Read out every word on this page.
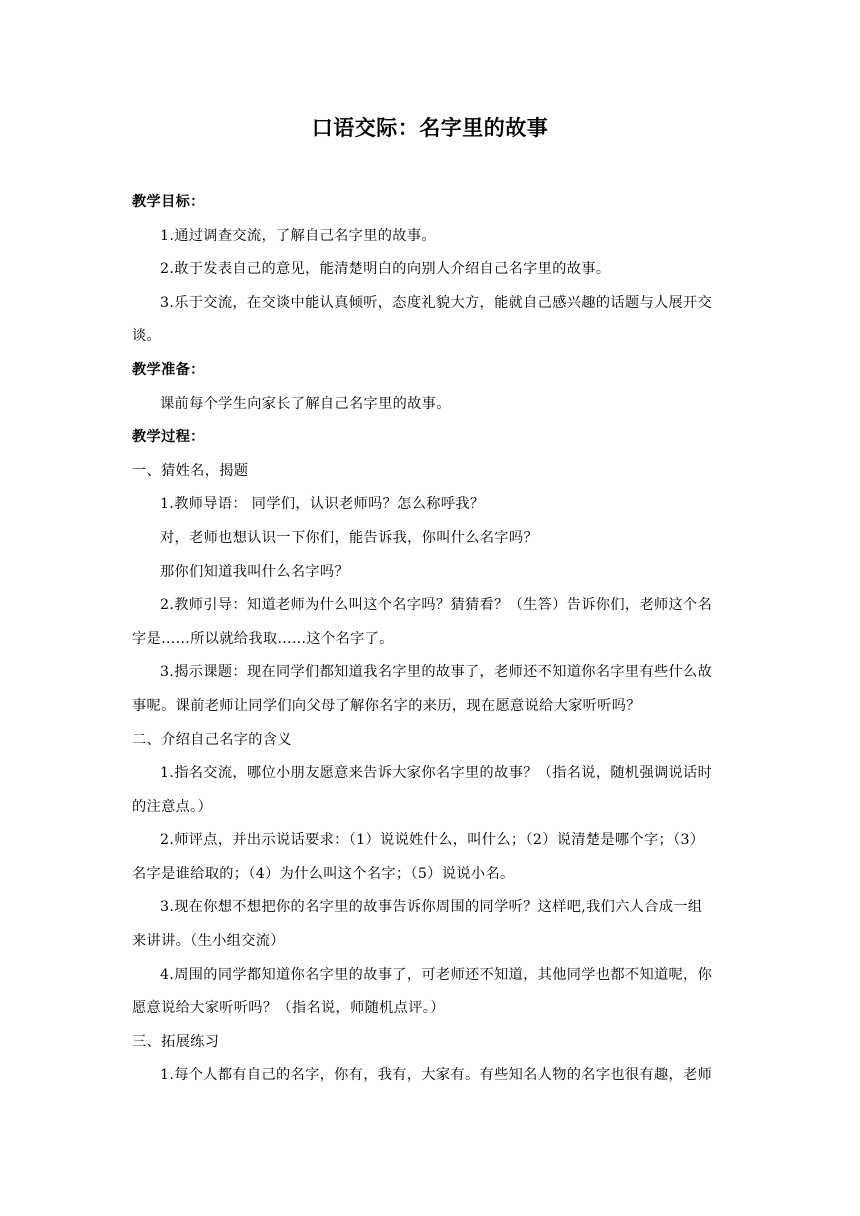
口语交际：名字里的故事

教学目标：

1.通过调查交流，了解自己名字里的故事。

2.敢于发表自己的意见，能清楚明白的向别人介绍自己名字里的故事。

3.乐于交流，在交谈中能认真倾听，态度礼貌大方，能就自己感兴趣的话题与人展开交

谈。

教学准备：

课前每个学生向家长了解自己名字里的故事。

教学过程：

一、猜姓名，揭题

1.教师导语： 同学们，认识老师吗？怎么称呼我？

对，老师也想认识一下你们，能告诉我，你叫什么名字吗？

那你们知道我叫什么名字吗？

2.教师引导：知道老师为什么叫这个名字吗？猜猜看？（生答）告诉你们，老师这个名

字是……所以就给我取……这个名字了。

3.揭示课题：现在同学们都知道我名字里的故事了，老师还不知道你名字里有些什么故

事呢。课前老师让同学们向父母了解你名字的来历，现在愿意说给大家听听吗？

二、介绍自己名字的含义

1.指名交流，哪位小朋友愿意来告诉大家你名字里的故事？（指名说，随机强调说话时

的注意点。）

2.师评点，并出示说话要求：（1）说说姓什么，叫什么；（2）说清楚是哪个字；（3）

名字是谁给取的；（4）为什么叫这个名字；（5）说说小名。

3.现在你想不想把你的名字里的故事告诉你周围的同学听？这样吧,我们六人合成一组

来讲讲。（生小组交流）

4.周围的同学都知道你名字里的故事了，可老师还不知道，其他同学也都不知道呢，你

愿意说给大家听听吗？（指名说，师随机点评。）

三、拓展练习

1.每个人都有自己的名字，你有，我有，大家有。有些知名人物的名字也很有趣，老师
